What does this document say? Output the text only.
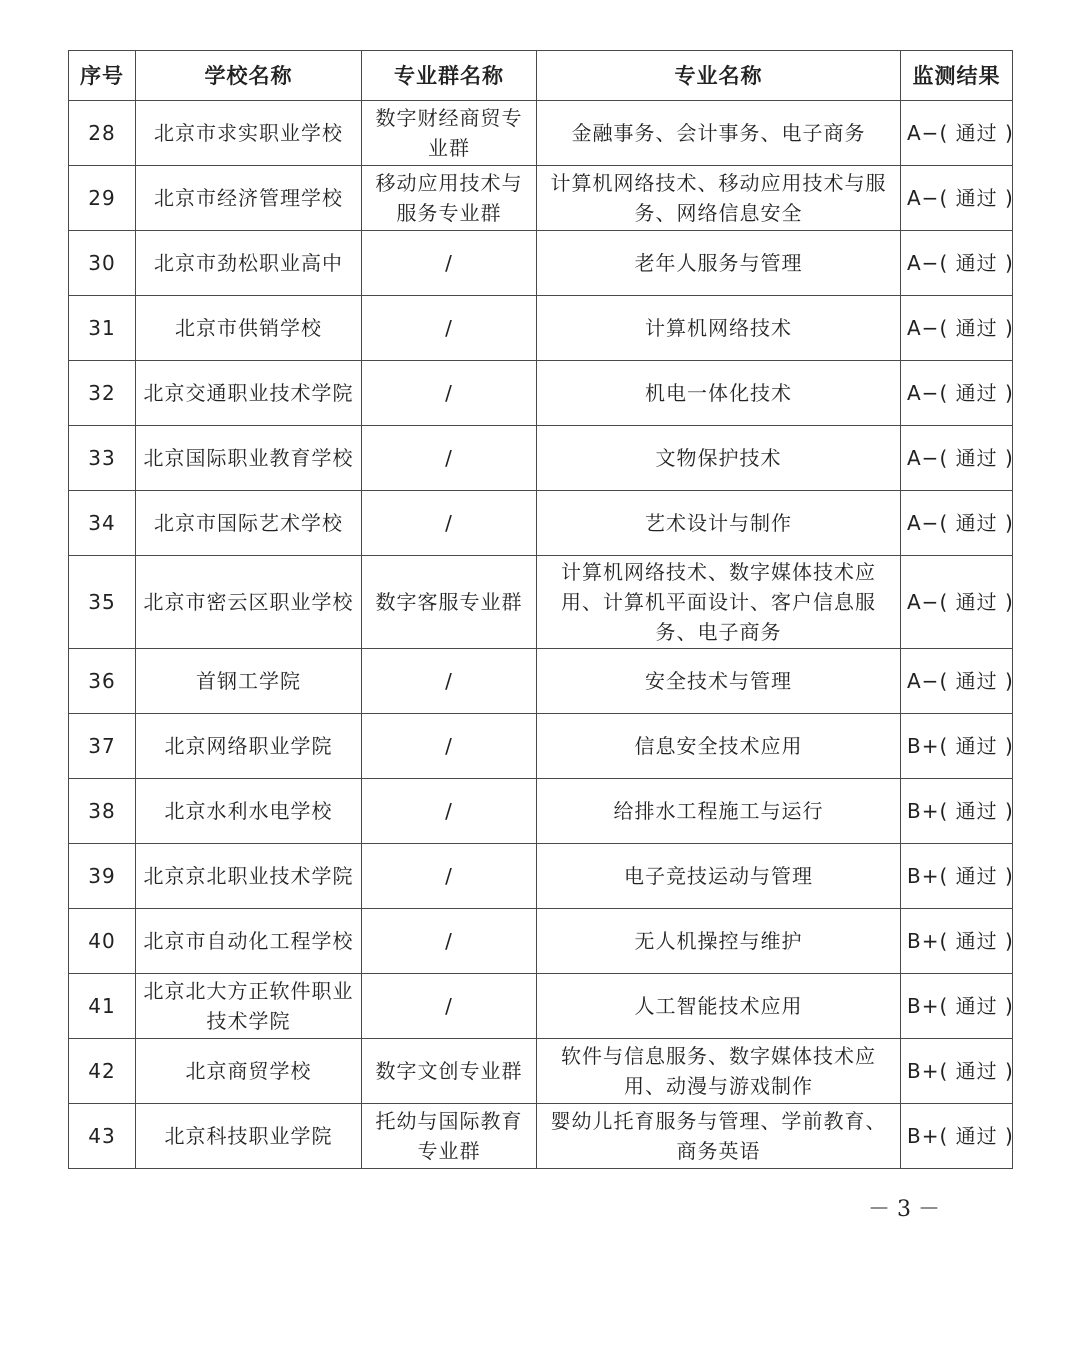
序号	学校名称	专业群名称	专业名称	监测结果
28	北京市求实职业学校	数字财经商贸专业群	金融事务、会计事务、电子商务	A−( 通过 )
29	北京市经济管理学校	移动应用技术与服务专业群	计算机网络技术、移动应用技术与服务、网络信息安全	A−( 通过 )
30	北京市劲松职业高中	/	老年人服务与管理	A−( 通过 )
31	北京市供销学校	/	计算机网络技术	A−( 通过 )
32	北京交通职业技术学院	/	机电一体化技术	A−( 通过 )
33	北京国际职业教育学校	/	文物保护技术	A−( 通过 )
34	北京市国际艺术学校	/	艺术设计与制作	A−( 通过 )
35	北京市密云区职业学校	数字客服专业群	计算机网络技术、数字媒体技术应用、计算机平面设计、客户信息服务、电子商务	A−( 通过 )
36	首钢工学院	/	安全技术与管理	A−( 通过 )
37	北京网络职业学院	/	信息安全技术应用	B+( 通过 )
38	北京水利水电学校	/	给排水工程施工与运行	B+( 通过 )
39	北京京北职业技术学院	/	电子竞技运动与管理	B+( 通过 )
40	北京市自动化工程学校	/	无人机操控与维护	B+( 通过 )
41	北京北大方正软件职业技术学院	/	人工智能技术应用	B+( 通过 )
42	北京商贸学校	数字文创专业群	软件与信息服务、数字媒体技术应用、动漫与游戏制作	B+( 通过 )
43	北京科技职业学院	托幼与国际教育专业群	婴幼儿托育服务与管理、学前教育、商务英语	B+( 通过 )
－ 3 －
